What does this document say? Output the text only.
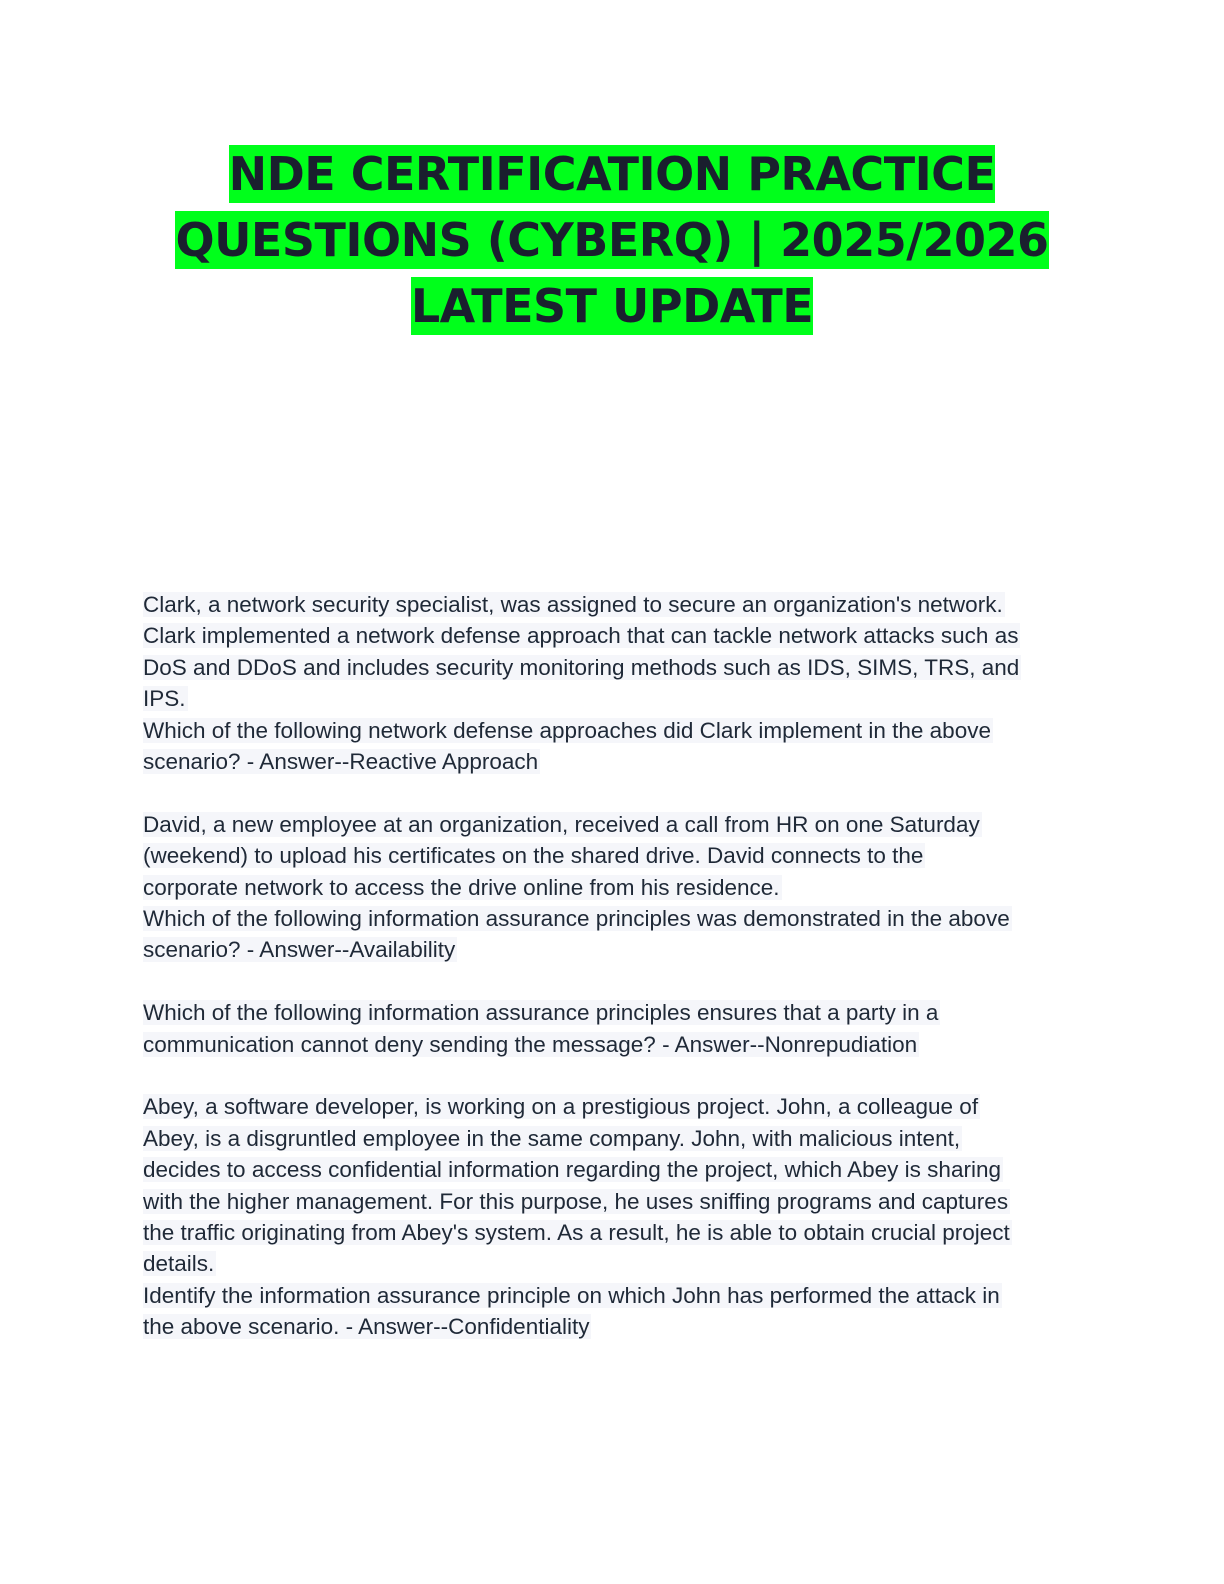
NDE CERTIFICATION PRACTICE
QUESTIONS (CYBERQ) | 2025/2026
LATEST UPDATE
Clark, a network security specialist, was assigned to secure an organization's network.
Clark implemented a network defense approach that can tackle network attacks such as
DoS and DDoS and includes security monitoring methods such as IDS, SIMS, TRS, and
IPS.
Which of the following network defense approaches did Clark implement in the above
scenario? - Answer--Reactive Approach
David, a new employee at an organization, received a call from HR on one Saturday
(weekend) to upload his certificates on the shared drive. David connects to the
corporate network to access the drive online from his residence.
Which of the following information assurance principles was demonstrated in the above
scenario? - Answer--Availability
Which of the following information assurance principles ensures that a party in a
communication cannot deny sending the message? - Answer--Nonrepudiation
Abey, a software developer, is working on a prestigious project. John, a colleague of
Abey, is a disgruntled employee in the same company. John, with malicious intent,
decides to access confidential information regarding the project, which Abey is sharing
with the higher management. For this purpose, he uses sniffing programs and captures
the traffic originating from Abey's system. As a result, he is able to obtain crucial project
details.
Identify the information assurance principle on which John has performed the attack in
the above scenario. - Answer--Confidentiality
